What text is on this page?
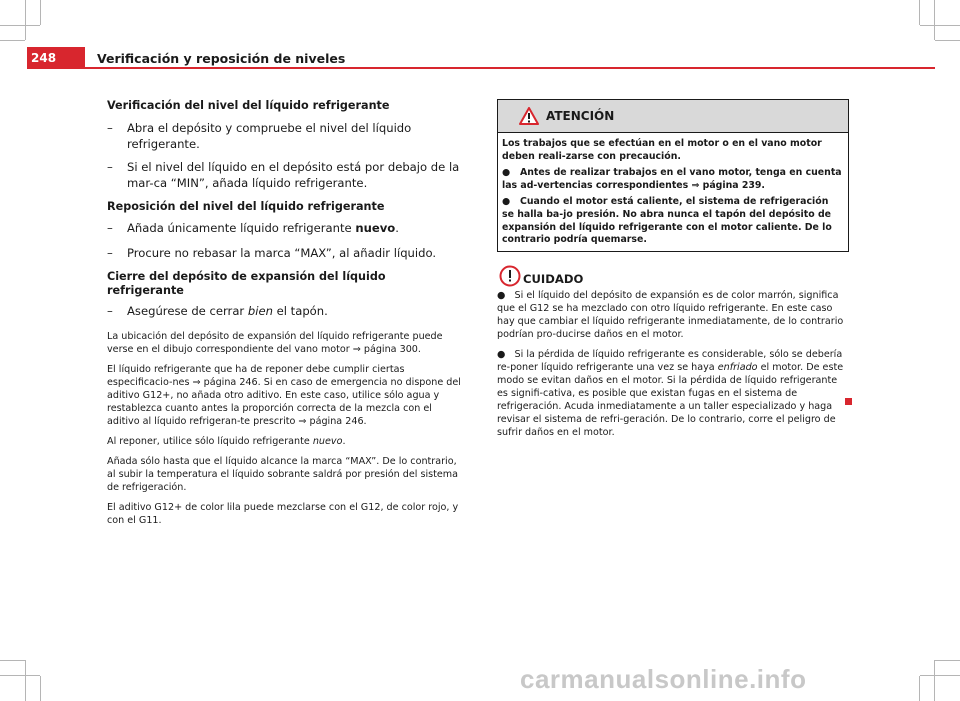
248	Verificación y reposición de niveles
Verificación del nivel del líquido refrigerante
– Abra el depósito y compruebe el nivel del líquido refrigerante.
– Si el nivel del líquido en el depósito está por debajo de la mar-ca “MIN”, añada líquido refrigerante.
Reposición del nivel del líquido refrigerante
– Añada únicamente líquido refrigerante nuevo.
– Procure no rebasar la marca “MAX”, al añadir líquido.
Cierre del depósito de expansión del líquido refrigerante
– Asegúrese de cerrar bien el tapón.

La ubicación del depósito de expansión del líquido refrigerante puede verse en el dibujo correspondiente del vano motor ⇒ página 300.

El líquido refrigerante que ha de reponer debe cumplir ciertas especificacio-nes ⇒ página 246. Si en caso de emergencia no dispone del aditivo G12+, no añada otro aditivo. En este caso, utilice sólo agua y restablezca cuanto antes la proporción correcta de la mezcla con el aditivo al líquido refrigeran-te prescrito ⇒ página 246.

Al reponer, utilice sólo líquido refrigerante nuevo.

Añada sólo hasta que el líquido alcance la marca “MAX”. De lo contrario, al subir la temperatura el líquido sobrante saldrá por presión del sistema de refrigeración.

El aditivo G12+ de color lila puede mezclarse con el G12, de color rojo, y con el G11.

ATENCIÓN

Los trabajos que se efectúan en el motor o en el vano motor deben reali-zarse con precaución.

●   Antes de realizar trabajos en el vano motor, tenga en cuenta las ad-vertencias correspondientes ⇒ página 239.

●   Cuando el motor está caliente, el sistema de refrigeración se halla ba-jo presión. No abra nunca el tapón del depósito de expansión del líquido refrigerante con el motor caliente. De lo contrario podría quemarse.

CUIDADO

●   Si el líquido del depósito de expansión es de color marrón, significa que el G12 se ha mezclado con otro líquido refrigerante. En este caso hay que cambiar el líquido refrigerante inmediatamente, de lo contrario podrían pro-ducirse daños en el motor.

●   Si la pérdida de líquido refrigerante es considerable, sólo se debería re-poner líquido refrigerante una vez se haya enfriado el motor. De este modo se evitan daños en el motor. Si la pérdida de líquido refrigerante es signifi-cativa, es posible que existan fugas en el sistema de refrigeración. Acuda inmediatamente a un taller especializado y haga revisar el sistema de refri-geración. De lo contrario, corre el peligro de sufrir daños en el motor.

carmanualsonline.info
